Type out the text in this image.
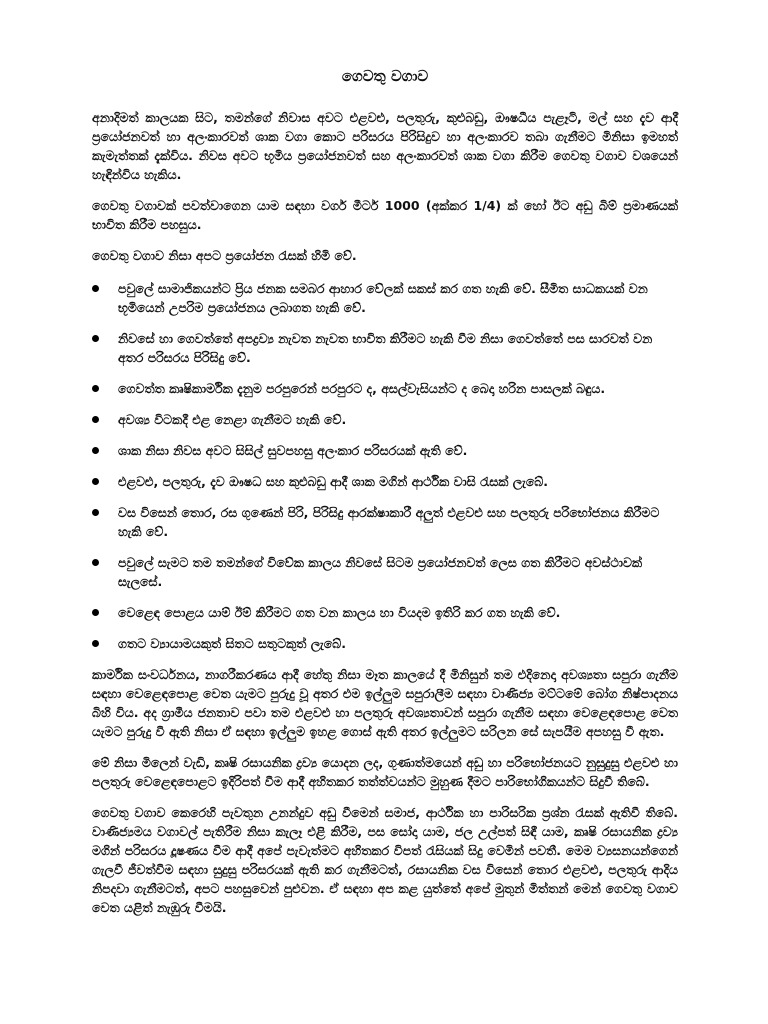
ගෙවතු වගාව

අනාදිමත් කාලයක සිට, තමන්ගේ නිවාස අවට එළවළු, පලතුරු, කුළුබඩු, ඖෂධීය පැළෑටි, මල් සහ දැව ආදී ප්‍රයෝජනවත් හා අලංකාරවත් ශාක වගා කොට පරිසරය පිරිසිදුව හා අලංකාරව තබා ගැනීමට මිනිසා ඉමහත් කැමැත්තක් දැක්විය. නිවස අවට භූමිය ප්‍රයෝජනවත් සහ අලංකාරවත් ශාක වගා කිරීම ගෙවතු වගාව වශයෙන් හැඳින්විය හැකිය.

ගෙවතු වගාවක් පවත්වාගෙන යාම සඳහා වර්ග මීටර් 1000 (අක්කර 1/4) ක් හෝ ඊට අඩු බිම් ප්‍රමාණයක් භාවිත කිරීම පහසුය.

ගෙවතු වගාව නිසා අපට ප්‍රයෝජන රැසක් හිමි වේ.

පවුලේ සාමාජිකයන්ට ප්‍රිය ජනක සමබර ආහාර වේලක් සකස් කර ගත හැකි වේ. සීමිත සාධකයක් වන භූමියෙන් උපරිම ප්‍රයෝජනය ලබාගත හැකි වේ.
නිවසේ හා ගෙවත්තේ අපද්‍රව්‍ය නැවත නැවත භාවිත කිරීමට හැකි වීම නිසා ගෙවත්තේ පස සාරවත් වන අතර පරිසරය පිරිසිදු වේ.
ගෙවත්ත කෘෂිකාර්මික දැනුම පරපුරෙන් පරපුරට ද, අසල්වැසියන්ට ද බෙදා හරින පාසලක් බඳුය.
අවශ්‍ය විටකදී එළ නෙළා ගැනීමට හැකි වේ.
ශාක නිසා නිවස අවට සිසිල් සුවපහසු අලංකාර පරිසරයක් ඇති වේ.
එළවළු, පලතුරු, දැව ඖෂධ සහ කුළුබඩු ආදී ශාක මගින් ආර්ථික වාසි රැසක් ලැබේ.
වස විසෙන් තොර, රස ගුණෙන් පිරි, පිරිසිදු ආරක්ෂාකාරී අලුත් එළවළු සහ පලතුරු පරිභෝජනය කිරීමට හැකි වේ.
පවුලේ සැමට තම තමන්ගේ විවේක කාලය නිවසේ සිටම ප්‍රයෝජනවත් ලෙස ගත කිරීමට අවස්ථාවක් සැලසේ.
වෙළෙඳ පොළය යාම් ඊම් කිරීමට ගත වන කාලය හා වියදම ඉතිරි කර ගත හැකි වේ.
ගතට ව්‍යායාමයකුත් සිතට සතුටකුත් ලැබේ.

කාර්මික සංවර්ධනය, නාගරීකරණය ආදී හේතු නිසා මෑත කාලයේ දී මිනිසුන් තම එදිනෙදා අවශ්‍යතා සපුරා ගැනීම සඳහා වෙළෙඳපොළ වෙත යැමට පුරුදු වූ අතර එම ඉල්ලුම සපුරාලීම සඳහා වාණිජ්‍ය මට්ටමේ බෝග නිෂ්පාදනය බිහි විය. අද ග්‍රාමීය ජනතාව පවා තම එළවළු හා පලතුරු අවශ්‍යතාවන් සපුරා ගැනීම සඳහා වෙළෙඳපොළ වෙත යැමට පුරුදු වී ඇති නිසා ඒ සඳහා ඉල්ලුම ඉහළ ගොස් ඇති අතර ඉල්ලුමට සරිලන සේ සැපයීම අපහසු වී ඇත.

මේ නිසා මිලෙන් වැඩි, කෘෂි රසායනික ද්‍රව්‍ය යොදන ලද, ගුණාත්මයෙන් අඩු හා පරිභෝජනයට නුසුදුසු එළවළු හා පලතුරු වෙළෙඳපොළට ඉදිරිපත් වීම ආදී අහිතකර තත්ත්වයන්ට මුහුණ දීමට පාරිභෝගිකයන්ට සිදුවී තිබේ.

ගෙවතු වගාව කෙරෙහි පැවතුන උනන්දුව අඩු වීමෙන් සමාජ, ආර්ථික හා පාරිසරික ප්‍රශ්න රැසක් ඇතිවී තිබේ. වාණිජ්‍යමය වගාවල් පැතිරීම නිසා කැලෑ එළි කිරීම, පස සෝදා යාම, ජල උල්පත් සිඳී යාම, කෘෂි රසායනික ද්‍රව්‍ය මගින් පරිසරය දූෂණය වීම ආදී අපේ පැවැත්මට අහිතකර විපත් රැසියක් සිදු වෙමින් පවතී. මෙම ව්‍යසනයන්ගෙන් ගැලවී ජීවත්වීම සඳහා සුදුසු පරිසරයක් ඇති කර ගැනීමටත්, රසායනික වස විසෙන් තොර එළවළු, පලතුරු ආදිය නිපදවා ගැනීමටත්, අපට පහසුවෙන් පුළුවන. ඒ සඳහා අප කළ යුත්තේ අපේ මුතුන් මිත්තන් මෙන් ගෙවතු වගාව වෙත යළිත් නැඹුරු වීමයි.
